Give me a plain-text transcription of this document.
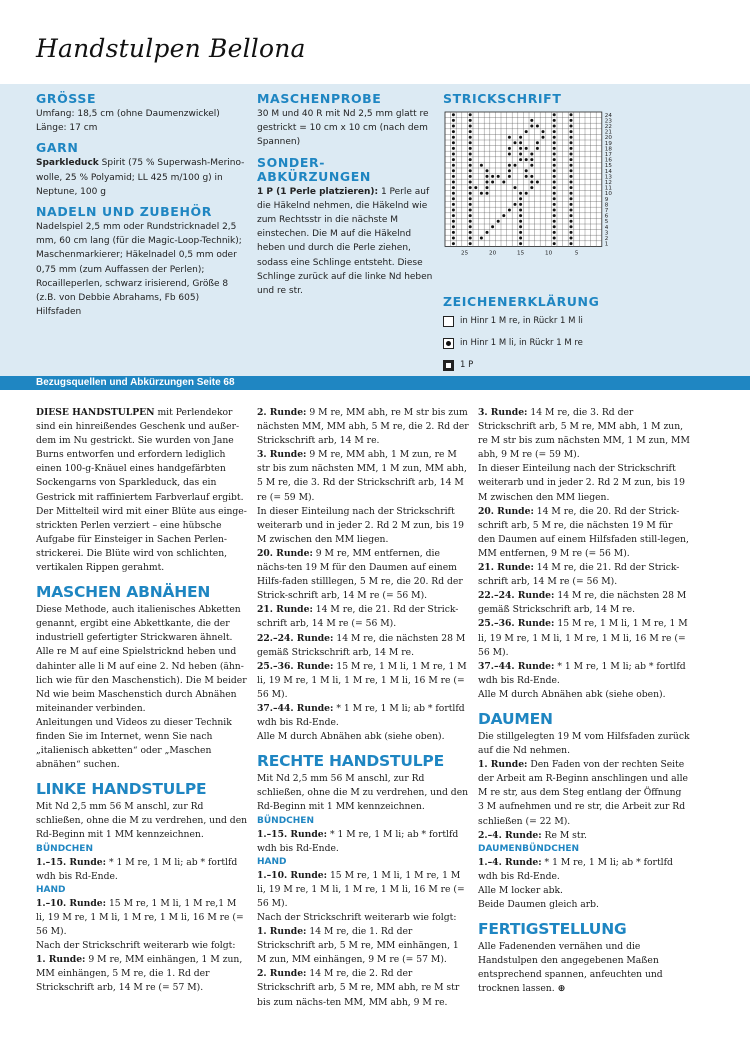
Handstulpen Bellona
GRÖSSE
Umfang: 18,5 cm (ohne Daumenzwickel)
Länge: 17 cm
GARN
Sparkleduck Spirit (75 % Superwash-Merino-wolle, 25 % Polyamid; LL 425 m/100 g) in Neptune, 100 g
NADELN UND ZUBEHÖR
Nadelspiel 2,5 mm oder Rundstricknadel 2,5 mm, 60 cm lang (für die Magic-Loop-Technik); Maschenmarkierer; Häkelnadel 0,5 mm oder 0,75 mm (zum Auffassen der Perlen); Rocailleperlen, schwarz irisierend, Größe 8 (z.B. von Debbie Abrahams, Fb 605) Hilfsfaden
MASCHENPROBE
30 M und 40 R mit Nd 2,5 mm glatt re gestrickt = 10 cm x 10 cm (nach dem Spannen)
SONDER-ABKÜRZUNGEN
1 P (1 Perle platzieren): 1 Perle auf die Häkelnd nehmen, die Häkelnd wie zum Rechtsstr in die nächste M einstechen. Die M auf die Häkelnd heben und durch die Perle ziehen, sodass eine Schlinge entsteht. Diese Schlinge zurück auf die linke Nd heben und re str.
STRICKSCHRIFT
1
2
3
4
5
6
7
8
9
10
11
12
13
14
15
16
17
18
19
20
21
22
23
24
25	20	15	10	5
ZEICHENERKLÄRUNG
in Hinr 1 M re, in Rückr 1 M li
in Hinr 1 M li, in Rückr 1 M re
1 P
Bezugsquellen und Abkürzungen Seite 68

DIESE HANDSTULPEN mit Perlendekor sind ein hinreißendes Geschenk und außer-dem im Nu gestrickt. Sie wurden von Jane Burns entworfen und erfordern lediglich einen 100-g-Knäuel eines handgefärbten Sockengarns von Sparkleduck, das ein Gestrick mit raffiniertem Farbverlauf ergibt. Der Mittelteil wird mit einer Blüte aus einge-strickten Perlen verziert – eine hübsche Aufgabe für Einsteiger in Sachen Perlen-strickerei. Die Blüte wird von schlichten, vertikalen Rippen gerahmt.

MASCHEN ABNÄHEN

Diese Methode, auch italienisches Abketten genannt, ergibt eine Abkettkante, die der industriell gefertigter Strickwaren ähnelt. Alle re M auf eine Spielstricknd heben und dahinter alle li M auf eine 2. Nd heben (ähn-lich wie für den Maschenstich). Die M beider Nd wie beim Maschenstich durch Abnähen miteinander verbinden.

Anleitungen und Videos zu dieser Technik finden Sie im Internet, wenn Sie nach „italienisch abketten“ oder „Maschen abnähen“ suchen.

LINKE HANDSTULPE

Mit Nd 2,5 mm 56 M anschl, zur Rd schließen, ohne die M zu verdrehen, und den Rd-Beginn mit 1 MM kennzeichnen.

BÜNDCHEN

1.–15. Runde: * 1 M re, 1 M li; ab * fortlfd wdh bis Rd-Ende.

HAND

1.–10. Runde: 15 M re, 1 M li, 1 M re,1 M li, 19 M re, 1 M li, 1 M re, 1 M li, 16 M re (= 56 M).

Nach der Strickschrift weiterarb wie folgt:

1. Runde: 9 M re, MM einhängen, 1 M zun, MM einhängen, 5 M re, die 1. Rd der Strickschrift arb, 14 M re (= 57 M).

2. Runde: 9 M re, MM abh, re M str bis zum nächsten MM, MM abh, 5 M re, die 2. Rd der Strickschrift arb, 14 M re.

3. Runde: 9 M re, MM abh, 1 M zun, re M str bis zum nächsten MM, 1 M zun, MM abh, 5 M re, die 3. Rd der Strickschrift arb, 14 M re (= 59 M).

In dieser Einteilung nach der Strickschrift weiterarb und in jeder 2. Rd 2 M zun, bis 19 M zwischen den MM liegen.

20. Runde: 9 M re, MM entfernen, die nächs-ten 19 M für den Daumen auf einem Hilfs-faden stilllegen, 5 M re, die 20. Rd der Strick-schrift arb, 14 M re (= 56 M).

21. Runde: 14 M re, die 21. Rd der Strick-schrift arb, 14 M re (= 56 M).

22.–24. Runde: 14 M re, die nächsten 28 M gemäß Strickschrift arb, 14 M re.

25.–36. Runde: 15 M re, 1 M li, 1 M re, 1 M li, 19 M re, 1 M li, 1 M re, 1 M li, 16 M re (= 56 M).

37.–44. Runde: * 1 M re, 1 M li; ab * fortlfd wdh bis Rd-Ende.

Alle M durch Abnähen abk (siehe oben).

RECHTE HANDSTULPE

Mit Nd 2,5 mm 56 M anschl, zur Rd schließen, ohne die M zu verdrehen, und den Rd-Beginn mit 1 MM kennzeichnen.

BÜNDCHEN

1.–15. Runde: * 1 M re, 1 M li; ab * fortlfd wdh bis Rd-Ende.

HAND

1.–10. Runde: 15 M re, 1 M li, 1 M re, 1 M li, 19 M re, 1 M li, 1 M re, 1 M li, 16 M re (= 56 M).

Nach der Strickschrift weiterarb wie folgt:

1. Runde: 14 M re, die 1. Rd der Strickschrift arb, 5 M re, MM einhängen, 1 M zun, MM einhängen, 9 M re (= 57 M).

2. Runde: 14 M re, die 2. Rd der Strickschrift arb, 5 M re, MM abh, re M str bis zum nächs-ten MM, MM abh, 9 M re.

3. Runde: 14 M re, die 3. Rd der Strickschrift arb, 5 M re, MM abh, 1 M zun, re M str bis zum nächsten MM, 1 M zun, MM abh, 9 M re (= 59 M).

In dieser Einteilung nach der Strickschrift weiterarb und in jeder 2. Rd 2 M zun, bis 19 M zwischen den MM liegen.

20. Runde: 14 M re, die 20. Rd der Strick-schrift arb, 5 M re, die nächsten 19 M für den Daumen auf einem Hilfsfaden still-legen, MM entfernen, 9 M re (= 56 M).

21. Runde: 14 M re, die 21. Rd der Strick-schrift arb, 14 M re (= 56 M).

22.–24. Runde: 14 M re, die nächsten 28 M gemäß Strickschrift arb, 14 M re.

25.–36. Runde: 15 M re, 1 M li, 1 M re, 1 M li, 19 M re, 1 M li, 1 M re, 1 M li, 16 M re (= 56 M).

37.–44. Runde: * 1 M re, 1 M li; ab * fortlfd wdh bis Rd-Ende.

Alle M durch Abnähen abk (siehe oben).

DAUMEN

Die stillgelegten 19 M vom Hilfsfaden zurück auf die Nd nehmen.

1. Runde: Den Faden von der rechten Seite der Arbeit am R-Beginn anschlingen und alle M re str, aus dem Steg entlang der Öffnung 3 M aufnehmen und re str, die Arbeit zur Rd schließen (= 22 M).

2.–4. Runde: Re M str.

DAUMENBÜNDCHEN

1.–4. Runde: * 1 M re, 1 M li; ab * fortlfd wdh bis Rd-Ende.

Alle M locker abk.

Beide Daumen gleich arb.

FERTIGSTELLUNG

Alle Fadenenden vernähen und die Handstulpen den angegebenen Maßen entsprechend spannen, anfeuchten und trocknen lassen. ⊕
